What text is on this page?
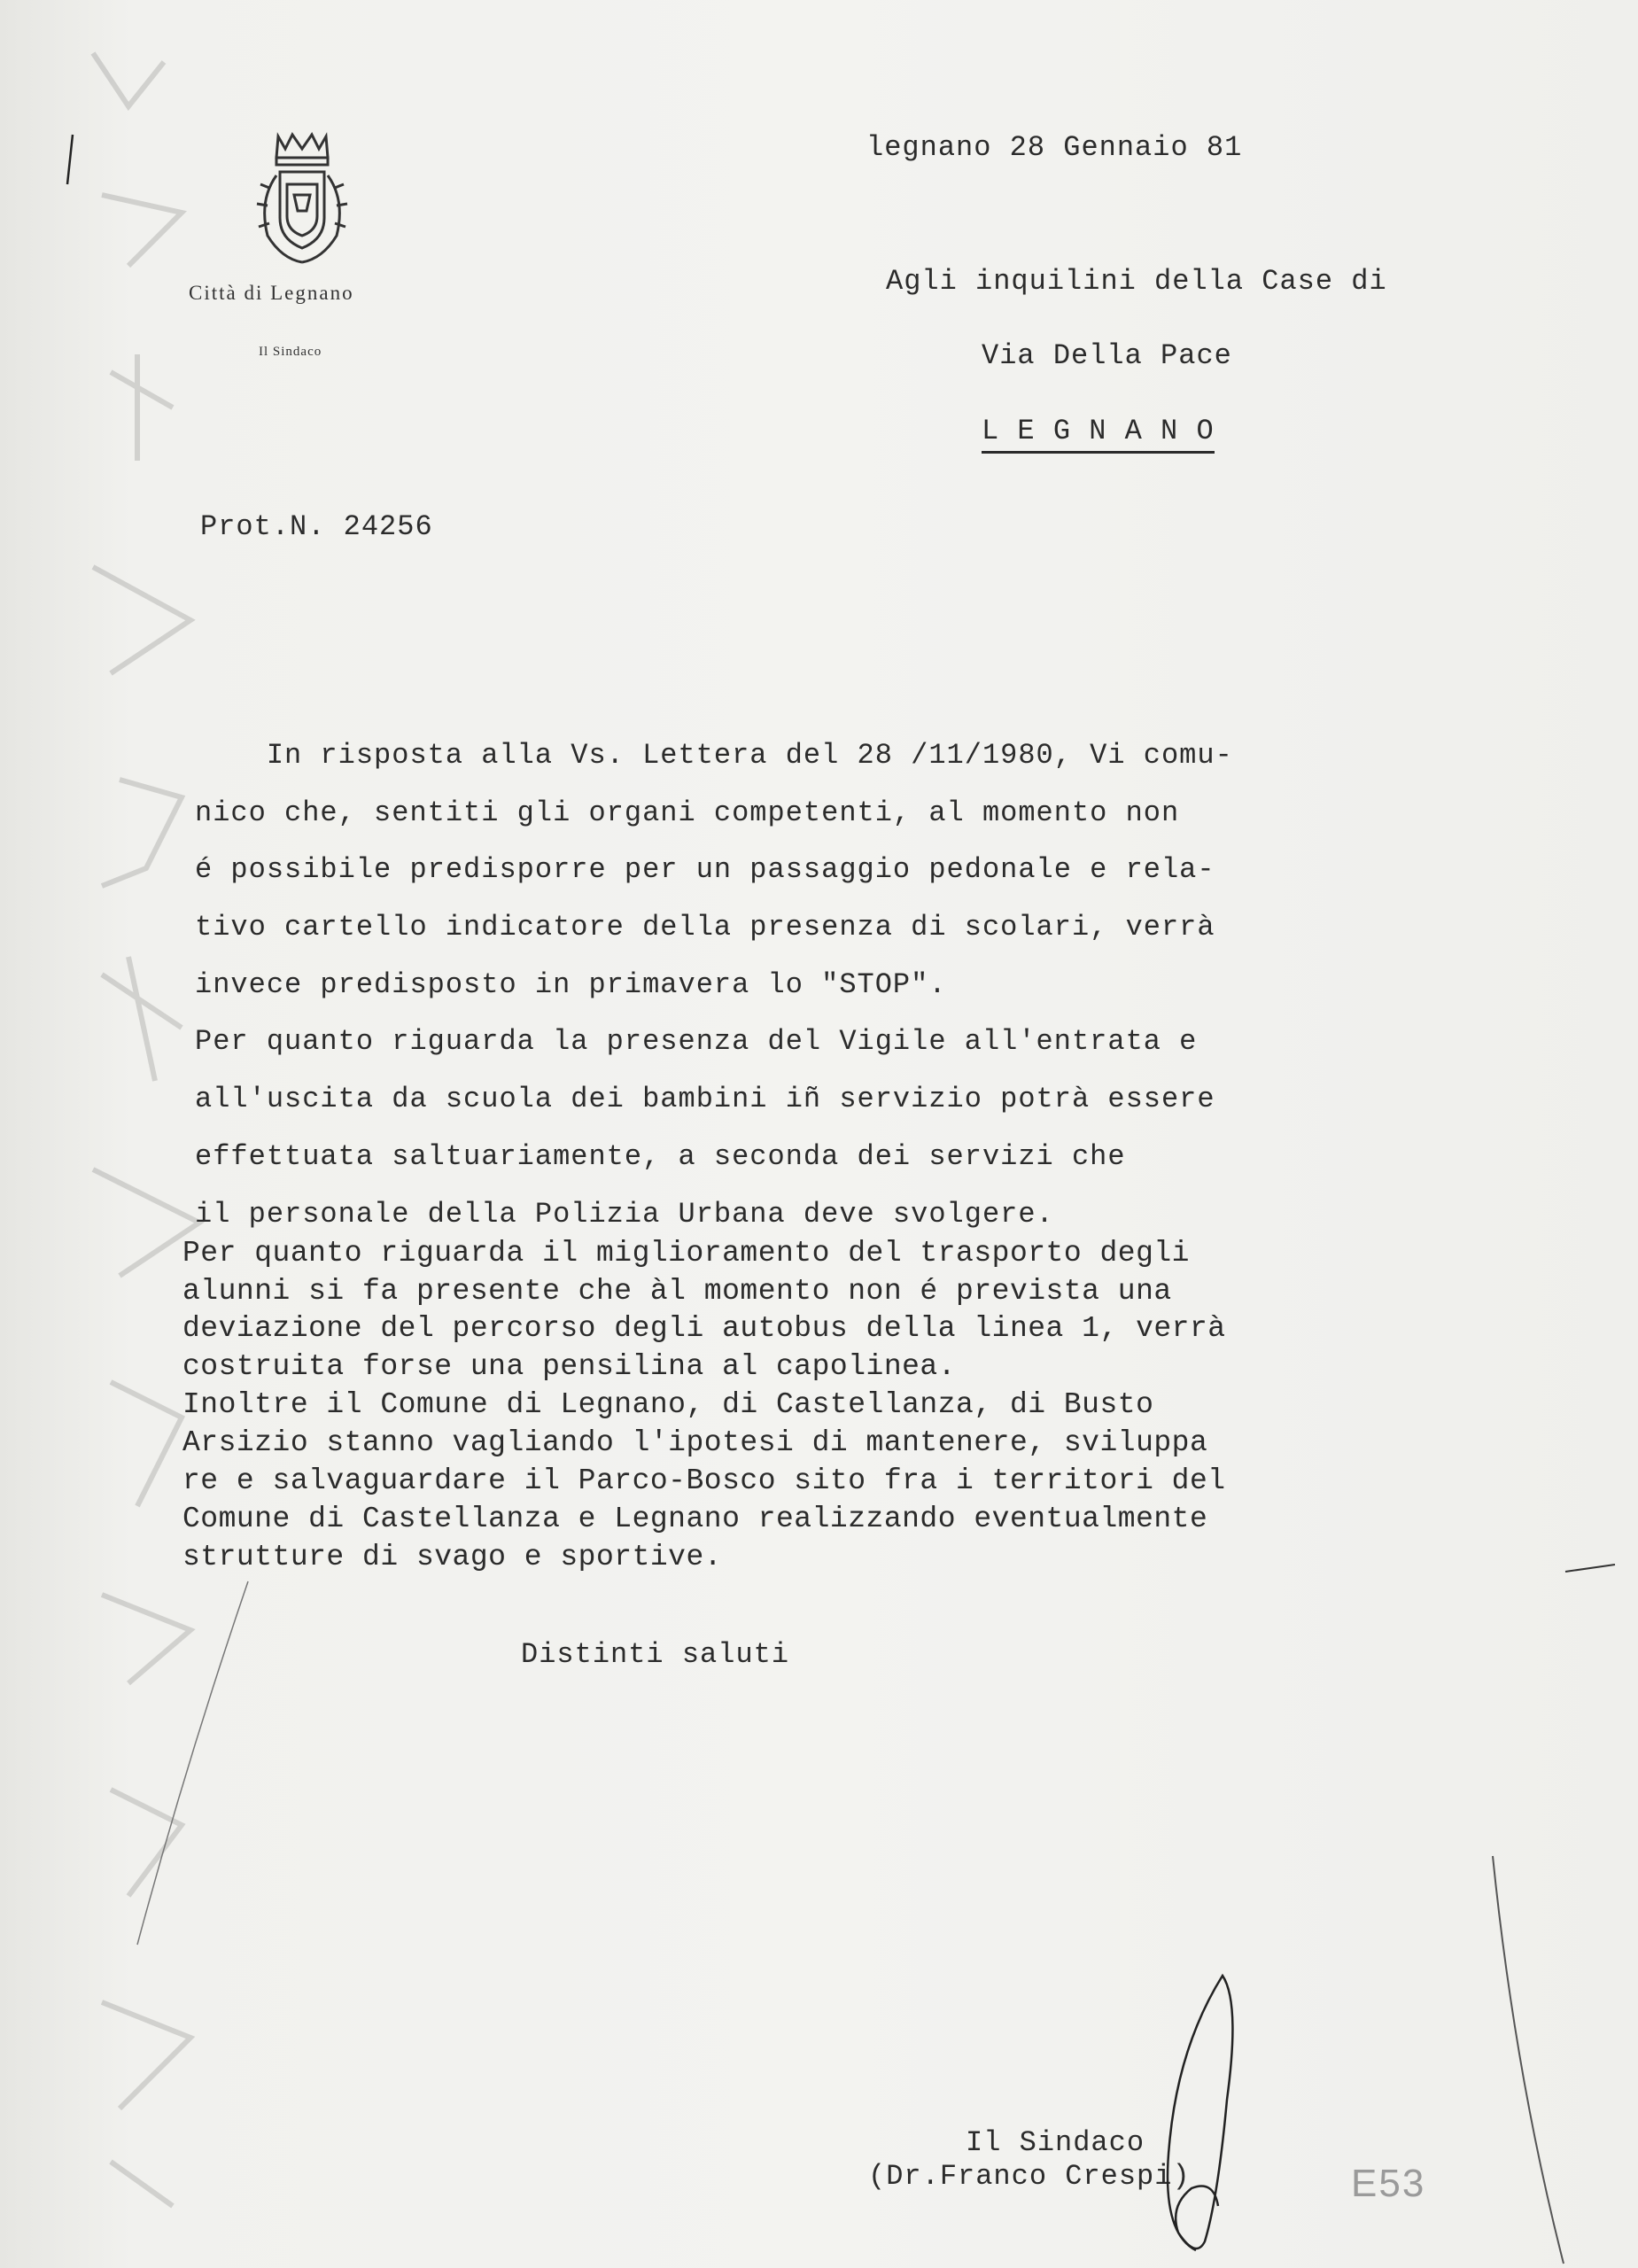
Città di Legnano
Il Sindaco
legnano 28 Gennaio 81
Agli inquilini della Case di
Via Della Pace
L E G N A N O
Prot.N. 24256
In risposta alla Vs. Lettera del 28 /11/1980, Vi comu-
nico che, sentiti gli organi competenti, al momento non
é possibile predisporre per un passaggio pedonale e rela-
tivo cartello indicatore della presenza di scolari, verrà
invece predisposto in primavera lo "STOP".
Per quanto riguarda la presenza del Vigile all'entrata e
all'uscita da scuola dei bambini iñ servizio potrà essere
effettuata saltuariamente, a seconda dei servizi che
il personale della Polizia Urbana deve svolgere.
Per quanto riguarda il miglioramento del trasporto degli
alunni si fa presente che àl momento non é prevista una
deviazione del percorso degli autobus della linea 1, verrà
costruita forse una pensilina al capolinea.
Inoltre il Comune di Legnano, di Castellanza, di Busto
Arsizio stanno vagliando l'ipotesi di mantenere, sviluppa
re e salvaguardare il Parco-Bosco sito fra i territori del
Comune di Castellanza e Legnano realizzando eventualmente
strutture di svago e sportive.
Distinti saluti
Il Sindaco
(Dr.Franco Crespi)	E53
